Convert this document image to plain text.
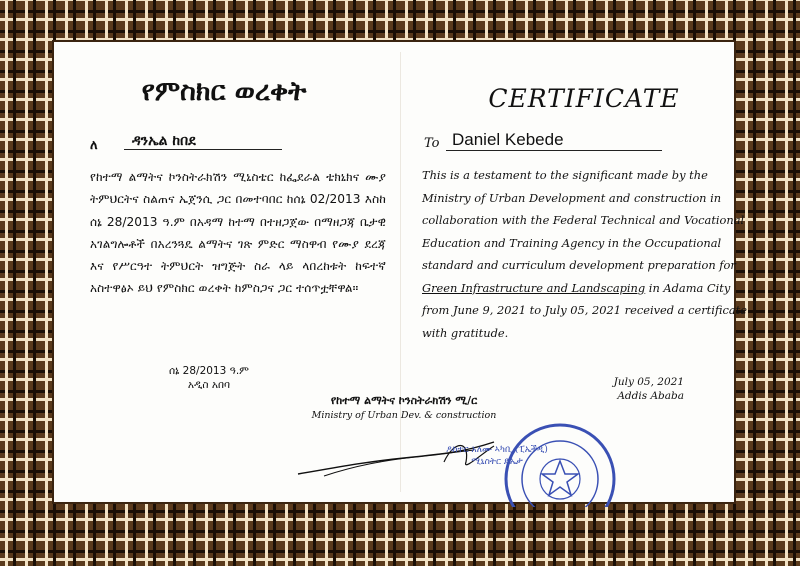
የምስክር ወረቀት	CERTIFICATE
ለ	ዳንኤል ከበደ	To Daniel Kebede
የከተማ ልማትና ኮንስትራክሽን ሚኒስቴር ከፌደራል ቴክኒክና ሙያ ትምህርትና ስልጠና ኤጀንሲ ጋር በመተባበር ከሰኔ 02/2013 እስከ ሰኔ 28/2013 ዓ.ም በአዳማ ከተማ በተዘጋጀው በማዘጋጃ ቤታዊ አገልግሎቶች በአረንጓዴ ልማትና ገጽ ምድር ማስዋብ የሙያ ደረጃ እና የሥርዓተ ትምህርት ዝግጅት ስራ ላይ ላበረከቱት ከፍተኛ አስተዋፅኦ ይህ የምስክር ወረቀት ከምስጋና ጋር ተሰጥቷቸዋል።
This is a testament to the significant made by the
Ministry of Urban Development and construction in
collaboration with the Federal Technical and Vocational
Education and Training Agency in the Occupational
standard and curriculum development preparation for
Green Infrastructure and Landscaping in Adama City
from June 9, 2021 to July 05, 2021 received a certificate
with gratitude.
ሰኔ 28/2013 ዓ.ም
አዲስ አበባ	July 05, 2021
Addis Ababa
የከተማ ልማትና ኮንስትራክሽን ሚ/ር
Ministry of Urban Dev. & construction
ዶክተር አለሙ ኣካቢ (ፒኤችዲ)
ሚኒስትር ዴኤታ
